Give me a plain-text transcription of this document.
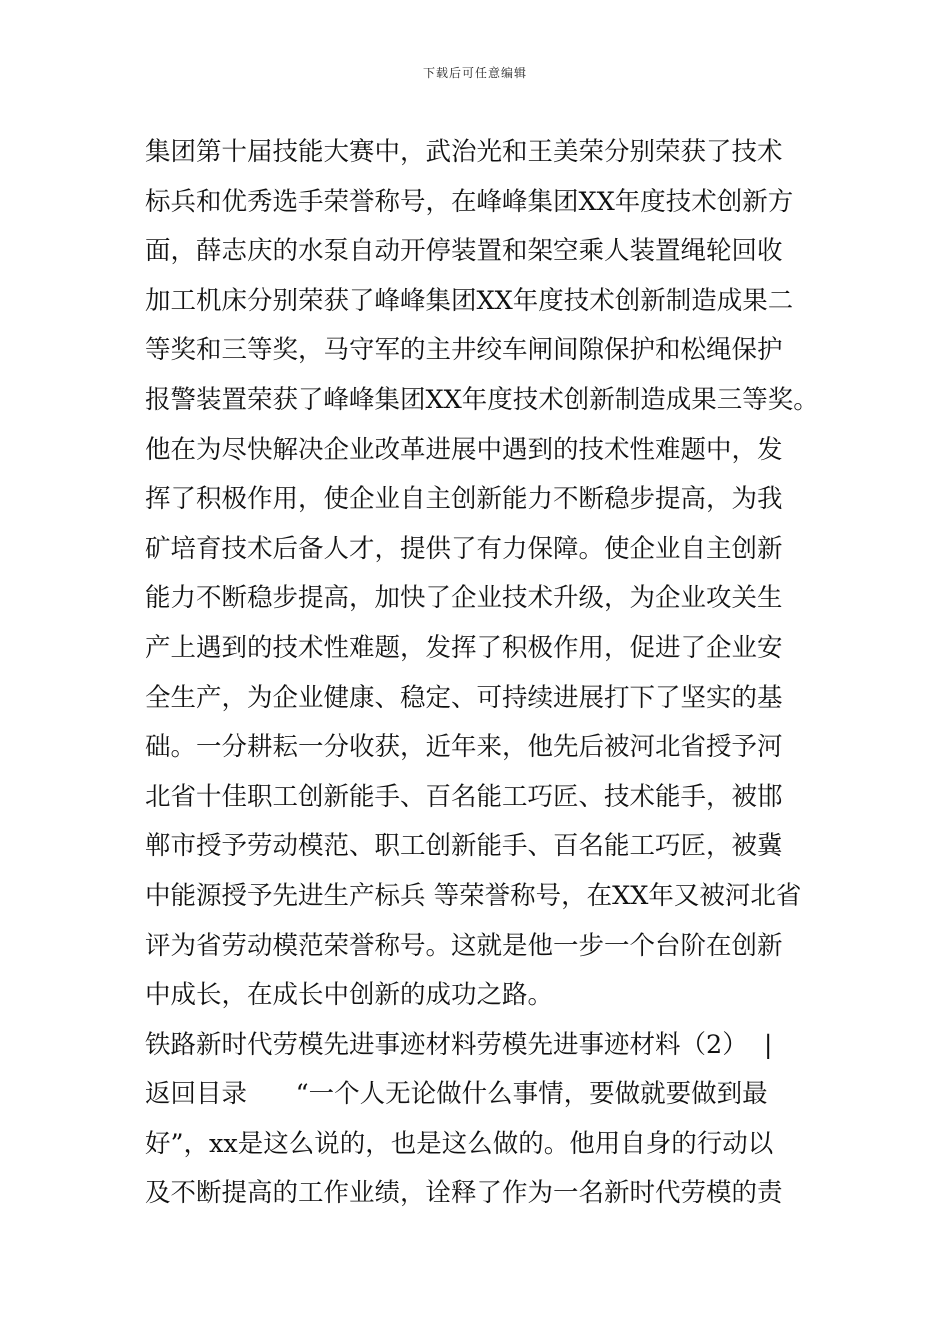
下载后可任意编辑
集团第十届技能大赛中，武治光和王美荣分别荣获了技术
标兵和优秀选手荣誉称号，在峰峰集团XX年度技术创新方
面，薛志庆的水泵自动开停装置和架空乘人装置绳轮回收
加工机床分别荣获了峰峰集团XX年度技术创新制造成果二
等奖和三等奖，马守军的主井绞车闸间隙保护和松绳保护
报警装置荣获了峰峰集团XX年度技术创新制造成果三等奖。
他在为尽快解决企业改革进展中遇到的技术性难题中，发
挥了积极作用，使企业自主创新能力不断稳步提高，为我
矿培育技术后备人才，提供了有力保障。使企业自主创新
能力不断稳步提高，加快了企业技术升级，为企业攻关生
产上遇到的技术性难题，发挥了积极作用，促进了企业安
全生产，为企业健康、稳定、可持续进展打下了坚实的基
础。一分耕耘一分收获，近年来，他先后被河北省授予河
北省十佳职工创新能手、百名能工巧匠、技术能手，被邯
郸市授予劳动模范、职工创新能手、百名能工巧匠，被冀
中能源授予先进生产标兵 等荣誉称号，在XX年又被河北省
评为省劳动模范荣誉称号。这就是他一步一个台阶在创新
中成长，在成长中创新的成功之路。
铁路新时代劳模先进事迹材料劳模先进事迹材料（2）  |
返回目录      “一个人无论做什么事情，要做就要做到最
好”，xx是这么说的，也是这么做的。他用自身的行动以
及不断提高的工作业绩，诠释了作为一名新时代劳模的责
